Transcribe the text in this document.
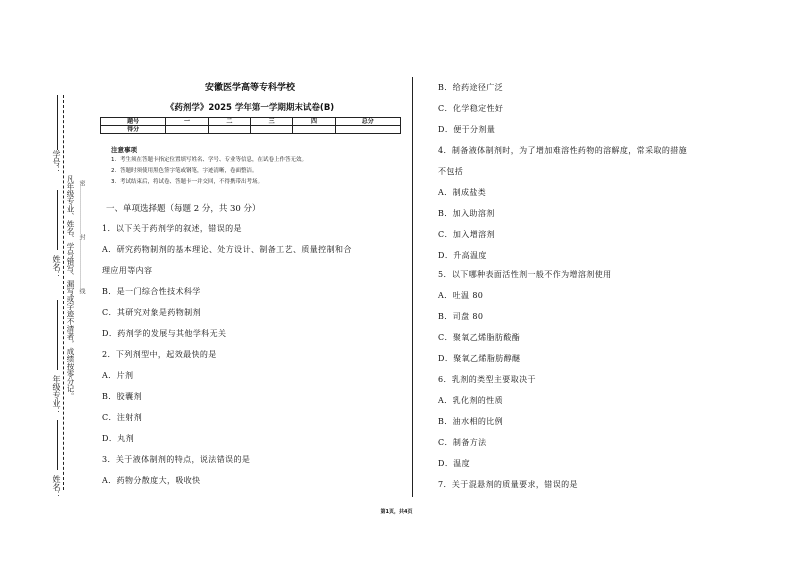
学号：
凡年级专业、姓名、学号错写、漏写或字迹不清者，成绩按零分记。
姓名：
年级专业：
姓名：
密……………………封……………………线
安徽医学高等专科学校
《药剂学》2025 学年第一学期期末试卷(B)
题号	一	二	三	四	总分
得分					
注意事项
1．考生须在答题卡指定位置填写姓名、学号、专业等信息，在试卷上作答无效。
2．答题时须使用黑色签字笔或钢笔，字迹清晰，卷面整洁。
3．考试结束后，将试卷、答题卡一并交回，不得携带出考场。
一、单项选择题（每题 2 分，共 30 分）
1．以下关于药剂学的叙述，错误的是
A．研究药物制剂的基本理论、处方设计、制备工艺、质量控制和合
理应用等内容
B．是一门综合性技术科学
C．其研究对象是药物制剂
D．药剂学的发展与其他学科无关
2．下列剂型中，起效最快的是
A．片剂
B．胶囊剂
C．注射剂
D．丸剂
3．关于液体制剂的特点，说法错误的是
A．药物分散度大，吸收快
B．给药途径广泛
C．化学稳定性好
D．便于分剂量
4．制备液体制剂时，为了增加难溶性药物的溶解度，常采取的措施
不包括
A．制成盐类
B．加入助溶剂
C．加入增溶剂
D．升高温度
5．以下哪种表面活性剂一般不作为增溶剂使用
A．吐温 80
B．司盘 80
C．聚氧乙烯脂肪酸酯
D．聚氧乙烯脂肪醇醚
6．乳剂的类型主要取决于
A．乳化剂的性质
B．油水相的比例
C．制备方法
D．温度
7．关于混悬剂的质量要求，错误的是
第1页，共4页
